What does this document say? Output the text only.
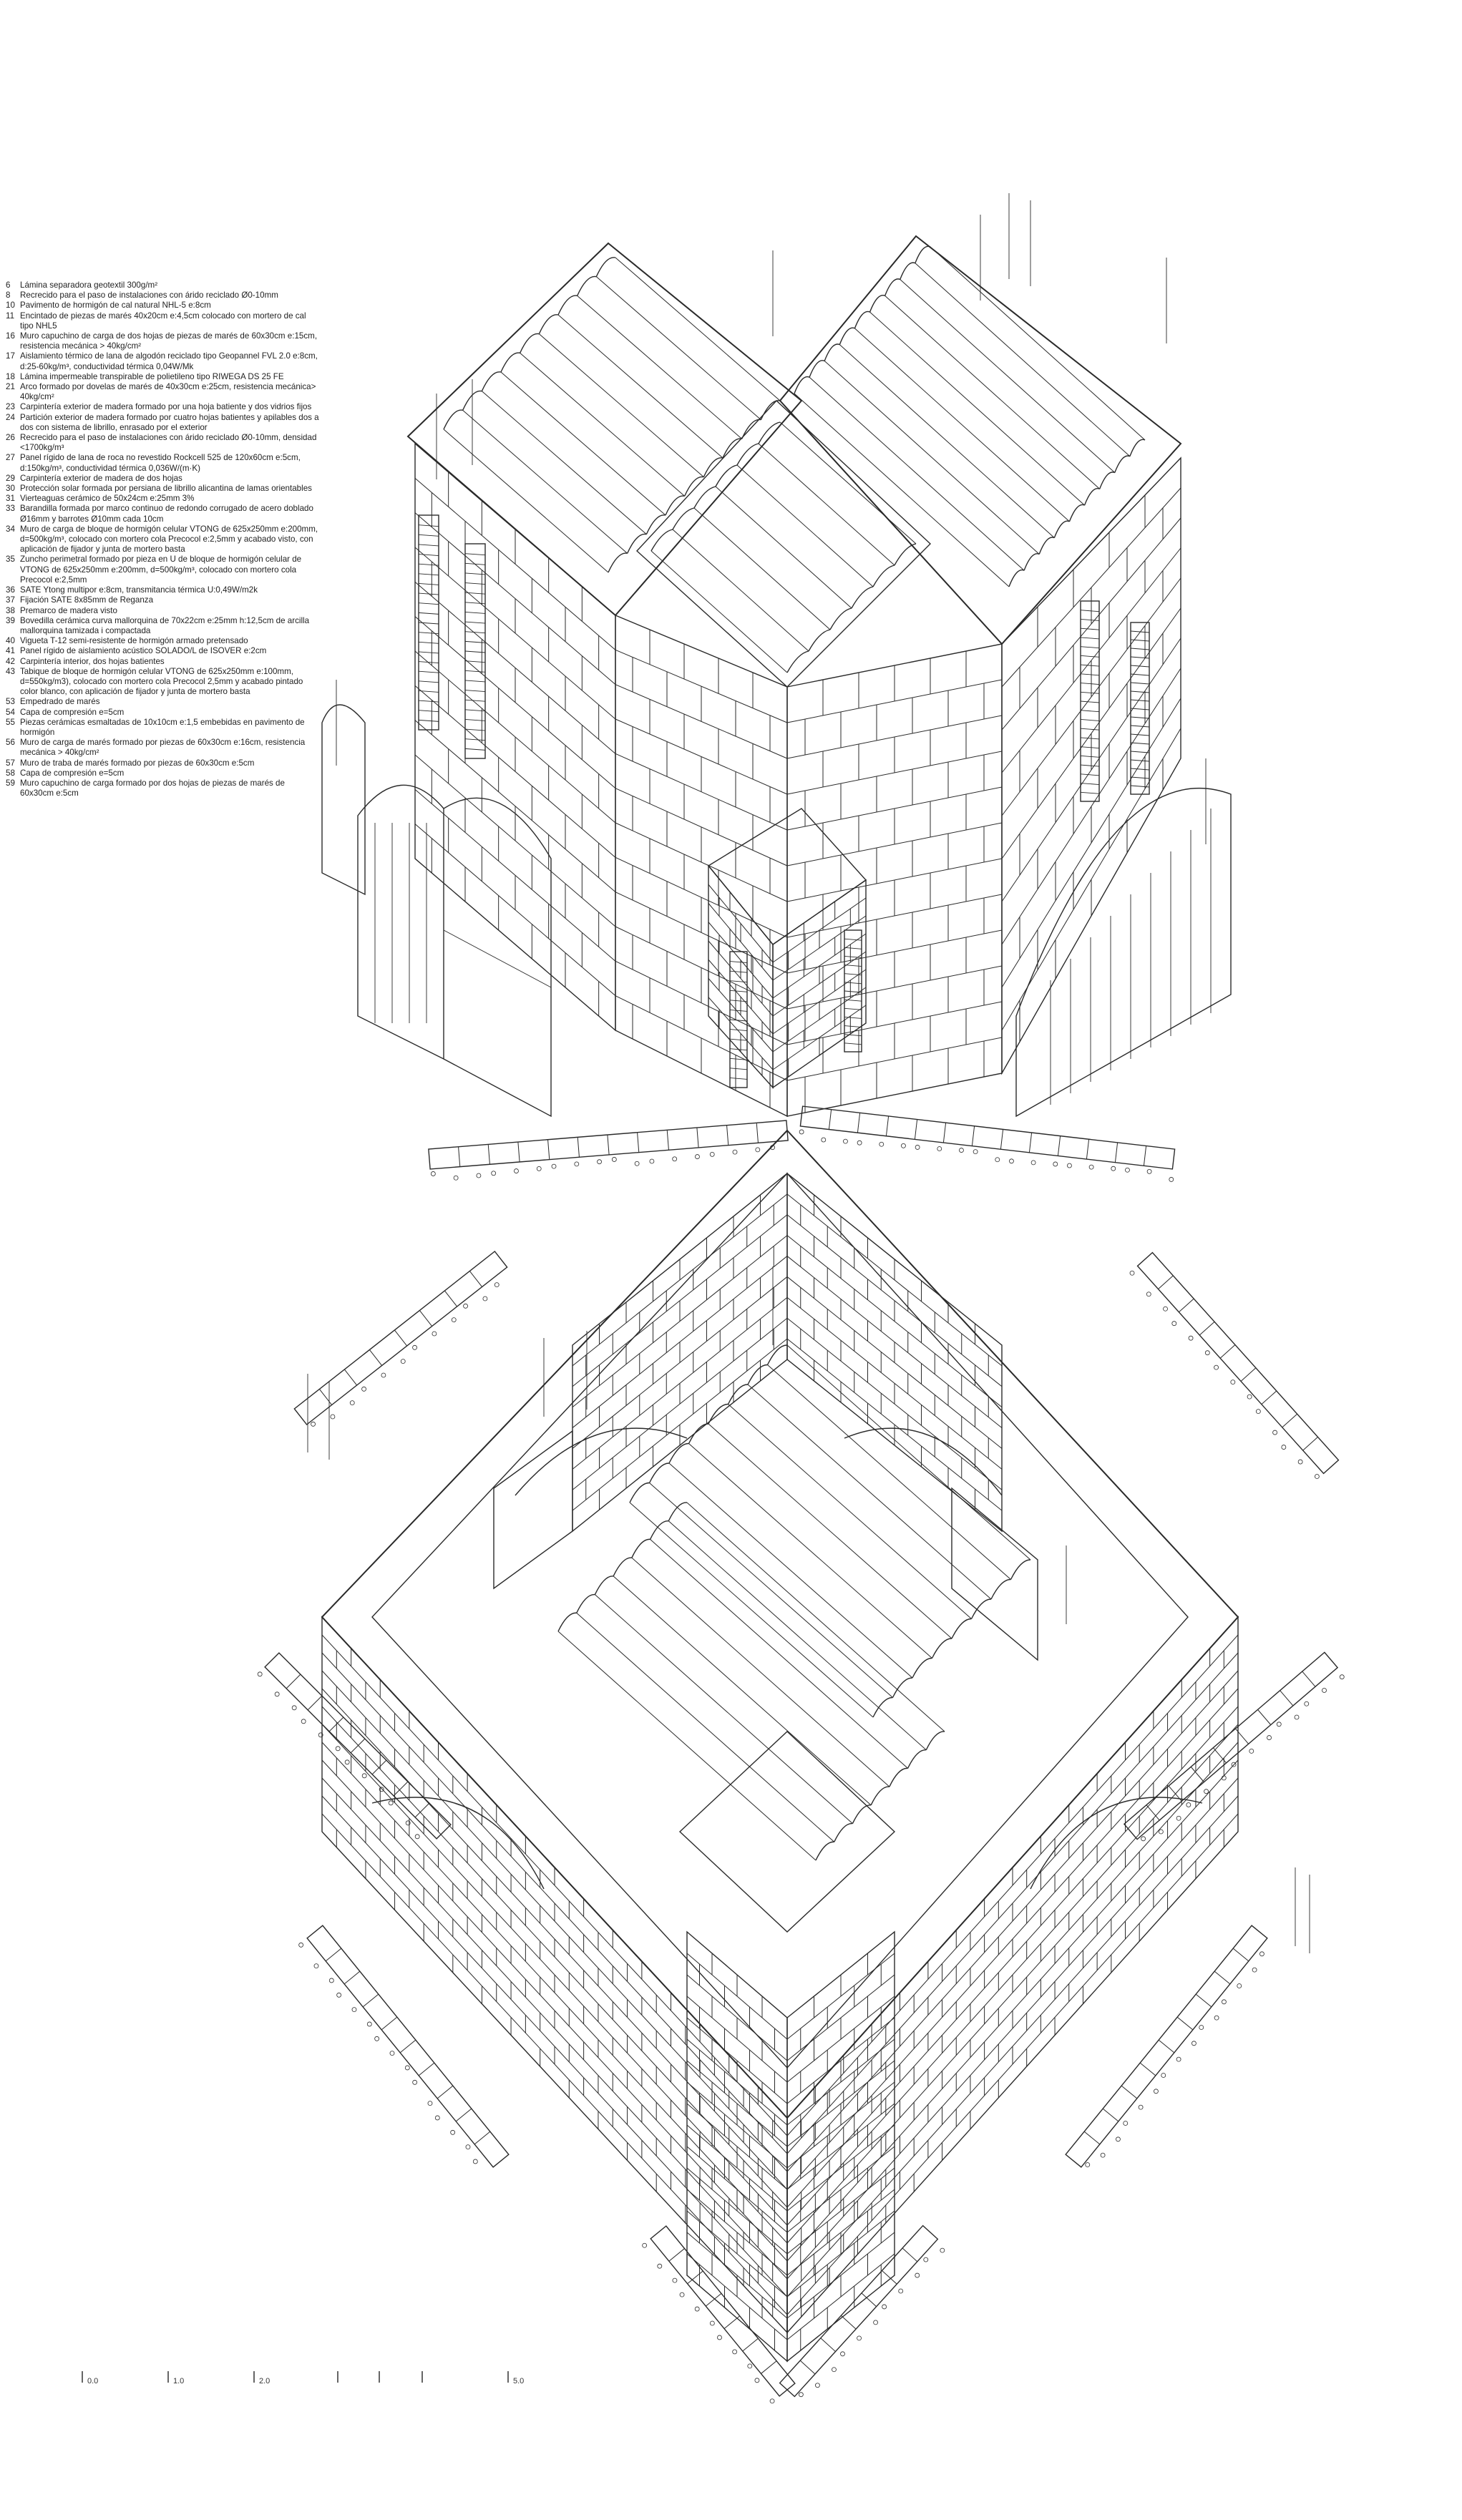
6	Lámina separadora geotextil 300g/m²
8	Recrecido para el paso de instalaciones con árido reciclado Ø0-10mm
10 Pavimento de hormigón de cal natural NHL-5 e:8cm
11 Encintado de piezas de marés 40x20cm e:4,5cm colocado con mortero de cal tipo NHL5
16 Muro capuchino de carga de dos hojas de piezas de marés de 60x30cm e:15cm, resistencia mecánica > 40kg/cm²
17 Aislamiento térmico de lana de algodón reciclado tipo Geopannel FVL 2.0 e:8cm, d:25-60kg/m³, conductividad térmica 0,04W/Mk
18 Lámina impermeable transpirable de polietileno tipo RIWEGA DS 25 FE
21 Arco formado por dovelas de marés de 40x30cm e:25cm, resistencia mecánica> 40kg/cm²
23 Carpintería exterior de madera formado por una hoja batiente y dos vidrios fijos
24 Partición exterior de madera formado por cuatro hojas batientes y apilables dos a dos con sistema de librillo, enrasado por el exterior
26 Recrecido para el paso de instalaciones con árido reciclado Ø0-10mm, densidad <1700kg/m³
27 Panel rígido de lana de roca no revestido Rockcell 525 de 120x60cm e:5cm, d:150kg/m³, conductividad térmica 0,036W/(m·K)
29 Carpintería exterior de madera de dos hojas
30 Protección solar formada por persiana de librillo alicantina de lamas orientables
31 Vierteaguas cerámico de 50x24cm e:25mm 3%
33 Barandilla formada por marco continuo de redondo corrugado de acero doblado Ø16mm y barrotes Ø10mm cada 10cm
34 Muro de carga de bloque de hormigón celular VTONG de 625x250mm e:200mm, d=500kg/m³, colocado con mortero cola Precocol e:2,5mm y acabado visto, con aplicación de fijador y junta de mortero basta
35 Zuncho perimetral formado por pieza en U de bloque de hormigón celular de VTONG de 625x250mm e:200mm, d=500kg/m³, colocado con mortero cola Precocol e:2,5mm
36 SATE Ytong multipor e:8cm, transmitancia térmica U:0,49W/m2k
37 Fijación SATE 8x85mm de Reganza
38 Premarco de madera visto
39 Bovedilla cerámica curva mallorquina de 70x22cm e:25mm h:12,5cm de arcilla mallorquina tamizada i compactada
40 Vigueta T-12 semi-resistente de hormigón armado pretensado
41 Panel rígido de aislamiento acústico SOLADO/L de ISOVER e:2cm
42 Carpintería interior, dos hojas batientes
43 Tabique de bloque de hormigón celular VTONG de 625x250mm e:100mm, d=550kg/m3), colocado con mortero cola Precocol 2,5mm y acabado pintado color blanco, con aplicación de fijador y junta de mortero basta
53 Empedrado de marés
54 Capa de compresión e=5cm
55 Piezas cerámicas esmaltadas de 10x10cm e:1,5 embebidas en pavimento de hormigón
56 Muro de carga de marés formado por piezas de 60x30cm e:16cm, resistencia mecánica > 40kg/cm²
57 Muro de traba de marés formado por piezas de 60x30cm e:5cm
58 Capa de compresión e=5cm
59 Muro capuchino de carga formado por dos hojas de piezas de marés de 60x30cm e:5cm
0.0	1.0	2.0	5.0
